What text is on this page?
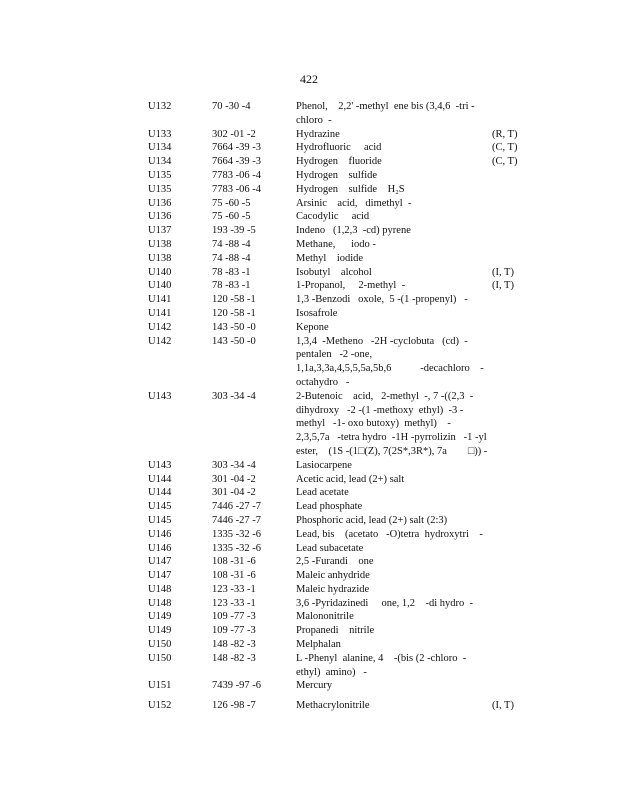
422
U132	70 -30 -4	Phenol,    2,2' -methyl  ene bis (3,4,6  -tri -
chloro  -
U133	302 -01 -2	Hydrazine	(R, T)
U134	7664 -39 -3	Hydrofluoric     acid	(C, T)
U134	7664 -39 -3	Hydrogen    fluoride	(C, T)
U135	7783 -06 -4	Hydrogen    sulfide
U135	7783 -06 -4	Hydrogen    sulfide    H₂S
U136	75 -60 -5	Arsinic    acid,   dimethyl  -
U136	75 -60 -5	Cacodylic     acid
U137	193 -39 -5	Indeno   (1,2,3  -cd) pyrene
U138	74 -88 -4	Methane,      iodo -
U138	74 -88 -4	Methyl    iodide
U140	78 -83 -1	Isobutyl    alcohol	(I, T)
U140	78 -83 -1	1-Propanol,     2-methyl  -	(I, T)
U141	120 -58 -1	1,3 -Benzodi   oxole,  5 -(1 -propenyl)   -
U141	120 -58 -1	Isosafrole
U142	143 -50 -0	Kepone
U142	143 -50 -0	1,3,4  -Metheno   -2H -cyclobuta   (cd)  -
pentalen   -2 -one,
1,1a,3,3a,4,5,5,5a,5b,6           -decachloro    -
octahydro   -
U143	303 -34 -4	2-Butenoic    acid,   2-methyl  -, 7 -((2,3  -
dihydroxy   -2 -(1 -methoxy  ethyl)  -3 -
methyl   -1- oxo butoxy)  methyl)    -
2,3,5,7a   -tetra hydro  -1H -pyrrolizin   -1 -yl
ester,    (1S -(1□(Z), 7(2S*,3R*), 7a        □)) -
U143	303 -34 -4	Lasiocarpene
U144	301 -04 -2	Acetic acid, lead (2+) salt
U144	301 -04 -2	Lead acetate
U145	7446 -27 -7	Lead phosphate
U145	7446 -27 -7	Phosphoric acid, lead (2+) salt (2:3)
U146	1335 -32 -6	Lead, bis    (acetato   -O)tetra  hydroxytri    -
U146	1335 -32 -6	Lead subacetate
U147	108 -31 -6	2,5 -Furandi    one
U147	108 -31 -6	Maleic anhydride
U148	123 -33 -1	Maleic hydrazide
U148	123 -33 -1	3,6 -Pyridazinedi     one, 1,2    -di hydro  -
U149	109 -77 -3	Malononitrile
U149	109 -77 -3	Propanedi    nitrile
U150	148 -82 -3	Melphalan
U150	148 -82 -3	L -Phenyl  alanine, 4    -(bis (2 -chloro  -
ethyl)  amino)   -
U151	7439 -97 -6	Mercury
U152	126 -98 -7	Methacrylonitrile	(I, T)
